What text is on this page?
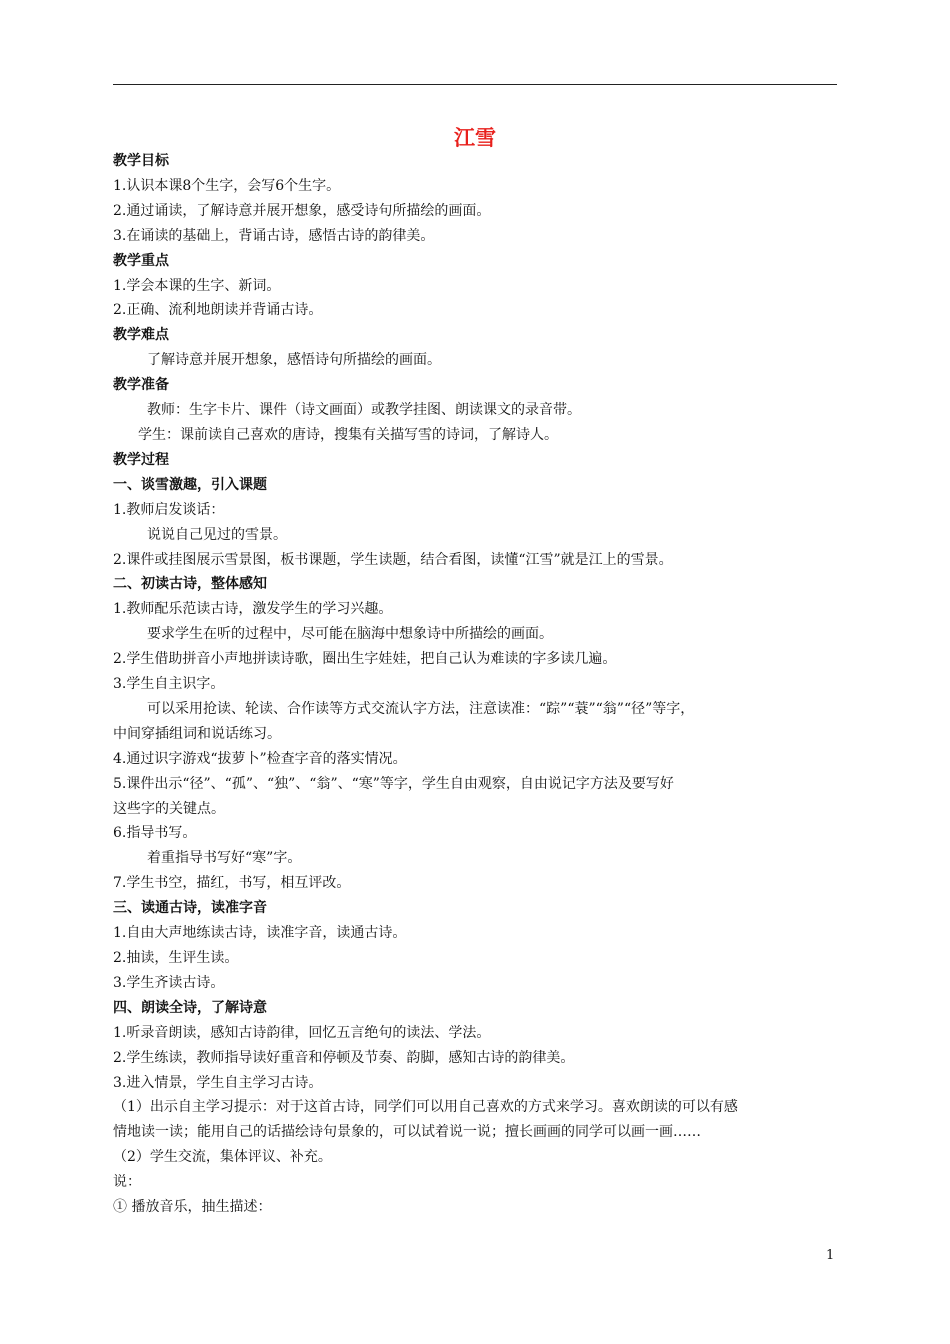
江雪
教学目标
1.认识本课8个生字，会写6个生字。
2.通过诵读，了解诗意并展开想象，感受诗句所描绘的画面。
3.在诵读的基础上，背诵古诗，感悟古诗的韵律美。
教学重点
1.学会本课的生字、新词。
2.正确、流利地朗读并背诵古诗。
教学难点
了解诗意并展开想象，感悟诗句所描绘的画面。
教学准备
教师：生字卡片、课件（诗文画面）或教学挂图、朗读课文的录音带。
学生：课前读自己喜欢的唐诗，搜集有关描写雪的诗词，了解诗人。
教学过程
一、谈雪激趣，引入课题
1.教师启发谈话：
说说自己见过的雪景。
2.课件或挂图展示雪景图，板书课题，学生读题，结合看图，读懂“江雪”就是江上的雪景。
二、初读古诗，整体感知
1.教师配乐范读古诗，激发学生的学习兴趣。
要求学生在听的过程中，尽可能在脑海中想象诗中所描绘的画面。
2.学生借助拼音小声地拼读诗歌，圈出生字娃娃，把自己认为难读的字多读几遍。
3.学生自主识字。
可以采用抢读、轮读、合作读等方式交流认字方法，注意读准：“踪”“蓑”“翁”“径”等字，
中间穿插组词和说话练习。
4.通过识字游戏“拔萝卜”检查字音的落实情况。
5.课件出示“径”、“孤”、“独”、“翁”、“寒”等字，学生自由观察，自由说记字方法及要写好
这些字的关键点。
6.指导书写。
着重指导书写好“寒”字。
7.学生书空，描红，书写，相互评改。
三、读通古诗，读准字音
1.自由大声地练读古诗，读准字音，读通古诗。
2.抽读，生评生读。
3.学生齐读古诗。
四、朗读全诗，了解诗意
1.听录音朗读，感知古诗韵律，回忆五言绝句的读法、学法。
2.学生练读，教师指导读好重音和停顿及节奏、韵脚，感知古诗的韵律美。
3.进入情景，学生自主学习古诗。
（1）出示自主学习提示：对于这首古诗，同学们可以用自己喜欢的方式来学习。喜欢朗读的可以有感
情地读一读；能用自己的话描绘诗句景象的，可以试着说一说；擅长画画的同学可以画一画……
（2）学生交流，集体评议、补充。
说：
① 播放音乐，抽生描述：
1
